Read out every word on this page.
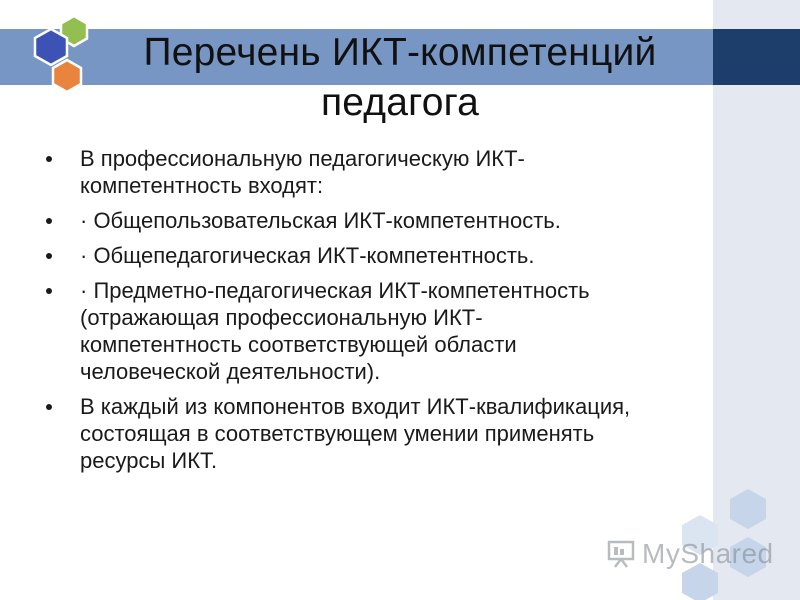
Перечень ИКТ-компетенций
педагога
В профессиональную педагогическую ИКТ-
компетентность входят:
· Общепользовательская ИКТ-компетентность.
· Общепедагогическая ИКТ-компетентность.
· Предметно-педагогическая ИКТ-компетентность
(отражающая профессиональную ИКТ-
компетентность соответствующей области
человеческой деятельности).
В каждый из компонентов входит ИКТ-квалификация,
состоящая в соответствующем умении применять
ресурсы ИКТ.
MyShared
